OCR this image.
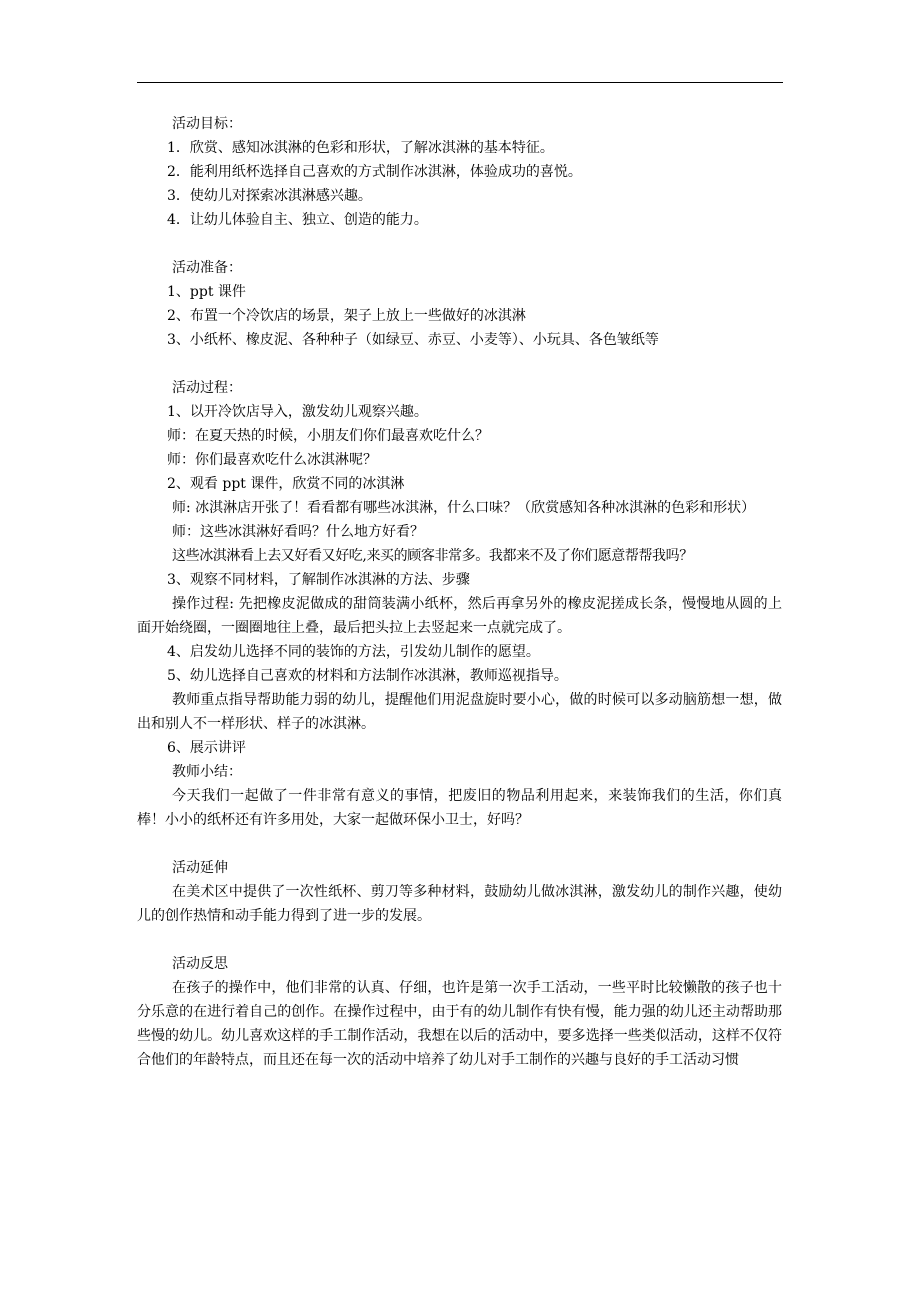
活动目标：
1．欣赏、感知冰淇淋的色彩和形状，了解冰淇淋的基本特征。
2．能利用纸杯选择自己喜欢的方式制作冰淇淋，体验成功的喜悦。
3．使幼儿对探索冰淇淋感兴趣。
4．让幼儿体验自主、独立、创造的能力。
活动准备：
1、ppt 课件
2、布置一个冷饮店的场景，架子上放上一些做好的冰淇淋
3、小纸杯、橡皮泥、各种种子（如绿豆、赤豆、小麦等）、小玩具、各色皱纸等
活动过程：
1、以开冷饮店导入，激发幼儿观察兴趣。
师：在夏天热的时候，小朋友们你们最喜欢吃什么？
师：你们最喜欢吃什么冰淇淋呢？
2、观看 ppt 课件，欣赏不同的冰淇淋
师: 冰淇淋店开张了！看看都有哪些冰淇淋，什么口味？（欣赏感知各种冰淇淋的色彩和形状）
师：这些冰淇淋好看吗？什么地方好看？
这些冰淇淋看上去又好看又好吃,来买的顾客非常多。我都来不及了你们愿意帮帮我吗？
3、观察不同材料，了解制作冰淇淋的方法、步骤
操作过程: 先把橡皮泥做成的甜筒装满小纸杯，然后再拿另外的橡皮泥搓成长条，慢慢地从圆的上面开始绕圈，一圈圈地往上叠，最后把头拉上去竖起来一点就完成了。
4、启发幼儿选择不同的装饰的方法，引发幼儿制作的愿望。
5、幼儿选择自己喜欢的材料和方法制作冰淇淋，教师巡视指导。
教师重点指导帮助能力弱的幼儿，提醒他们用泥盘旋时要小心，做的时候可以多动脑筋想一想，做出和别人不一样形状、样子的冰淇淋。
6、展示讲评
教师小结：
今天我们一起做了一件非常有意义的事情，把废旧的物品利用起来，来装饰我们的生活，你们真棒！小小的纸杯还有许多用处，大家一起做环保小卫士，好吗？
活动延伸
在美术区中提供了一次性纸杯、剪刀等多种材料，鼓励幼儿做冰淇淋，激发幼儿的制作兴趣，使幼儿的创作热情和动手能力得到了进一步的发展。
活动反思
在孩子的操作中，他们非常的认真、仔细，也许是第一次手工活动，一些平时比较懒散的孩子也十分乐意的在进行着自己的创作。在操作过程中，由于有的幼儿制作有快有慢，能力强的幼儿还主动帮助那些慢的幼儿。幼儿喜欢这样的手工制作活动，我想在以后的活动中，要多选择一些类似活动，这样不仅符合他们的年龄特点，而且还在每一次的活动中培养了幼儿对手工制作的兴趣与良好的手工活动习惯
